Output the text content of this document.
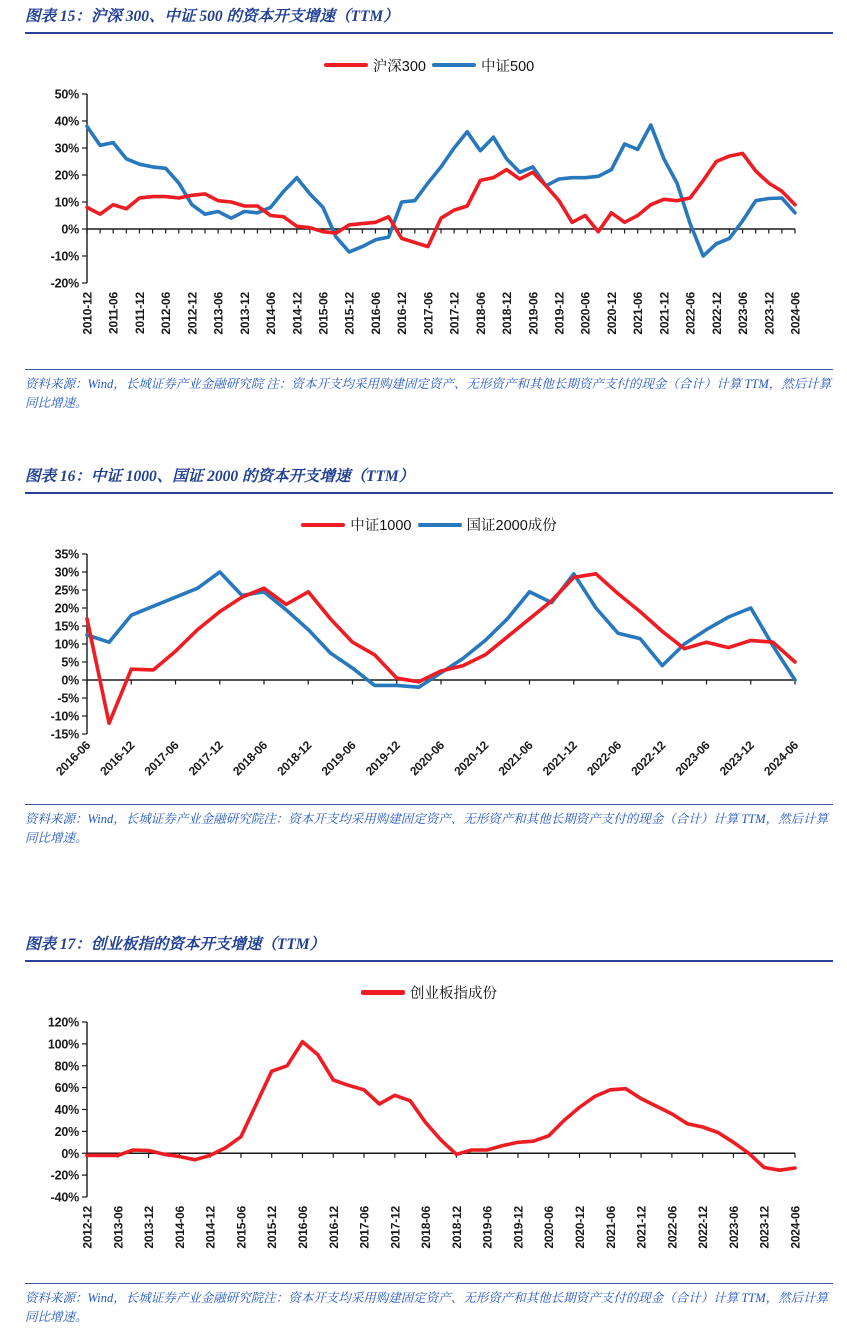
图表 15：沪深 300、中证 500 的资本开支增速（TTM）
沪深300	中证500
50%
40%
30%
20%
10%
0%
-10%
-20%
2010-12 2011-06 2011-12 2012-06 2012-12 2013-06 2013-12 2014-06 2014-12 2015-06 2015-12 2016-06 2016-12 2017-06 2017-12 2018-06 2018-12 2019-06 2019-12 2020-06 2020-12 2021-06 2021-12 2022-06 2022-12 2023-06 2023-12 2024-06

资料来源：Wind，长城证券产业金融研究院 注：资本开支均采用购建固定资产、无形资产和其他长期资产支付的现金（合计）计算 TTM，然后计算同比增速。

图表 16：中证 1000、国证 2000 的资本开支增速（TTM）
中证1000	国证2000成份
35%
30%
25%
20%
15%
10%
5%
0%
-5%
-10%
-15%
2016-06 2016-12 2017-06 2017-12 2018-06 2018-12 2019-06 2019-12 2020-06 2020-12 2021-06 2021-12 2022-06 2022-12 2023-06 2023-12 2024-06

资料来源：Wind，长城证券产业金融研究院注：资本开支均采用购建固定资产、无形资产和其他长期资产支付的现金（合计）计算 TTM，然后计算同比增速。

图表 17：创业板指的资本开支增速（TTM）
创业板指成份
120%
100%
80%
60%
40%
20%
0%
-20%
-40%
2012-12 2013-06 2013-12 2014-06 2014-12 2015-06 2015-12 2016-06 2016-12 2017-06 2017-12 2018-06 2018-12 2019-06 2019-12 2020-06 2020-12 2021-06 2021-12 2022-06 2022-12 2023-06 2023-12 2024-06

资料来源：Wind，长城证券产业金融研究院注：资本开支均采用购建固定资产、无形资产和其他长期资产支付的现金（合计）计算 TTM，然后计算同比增速。
